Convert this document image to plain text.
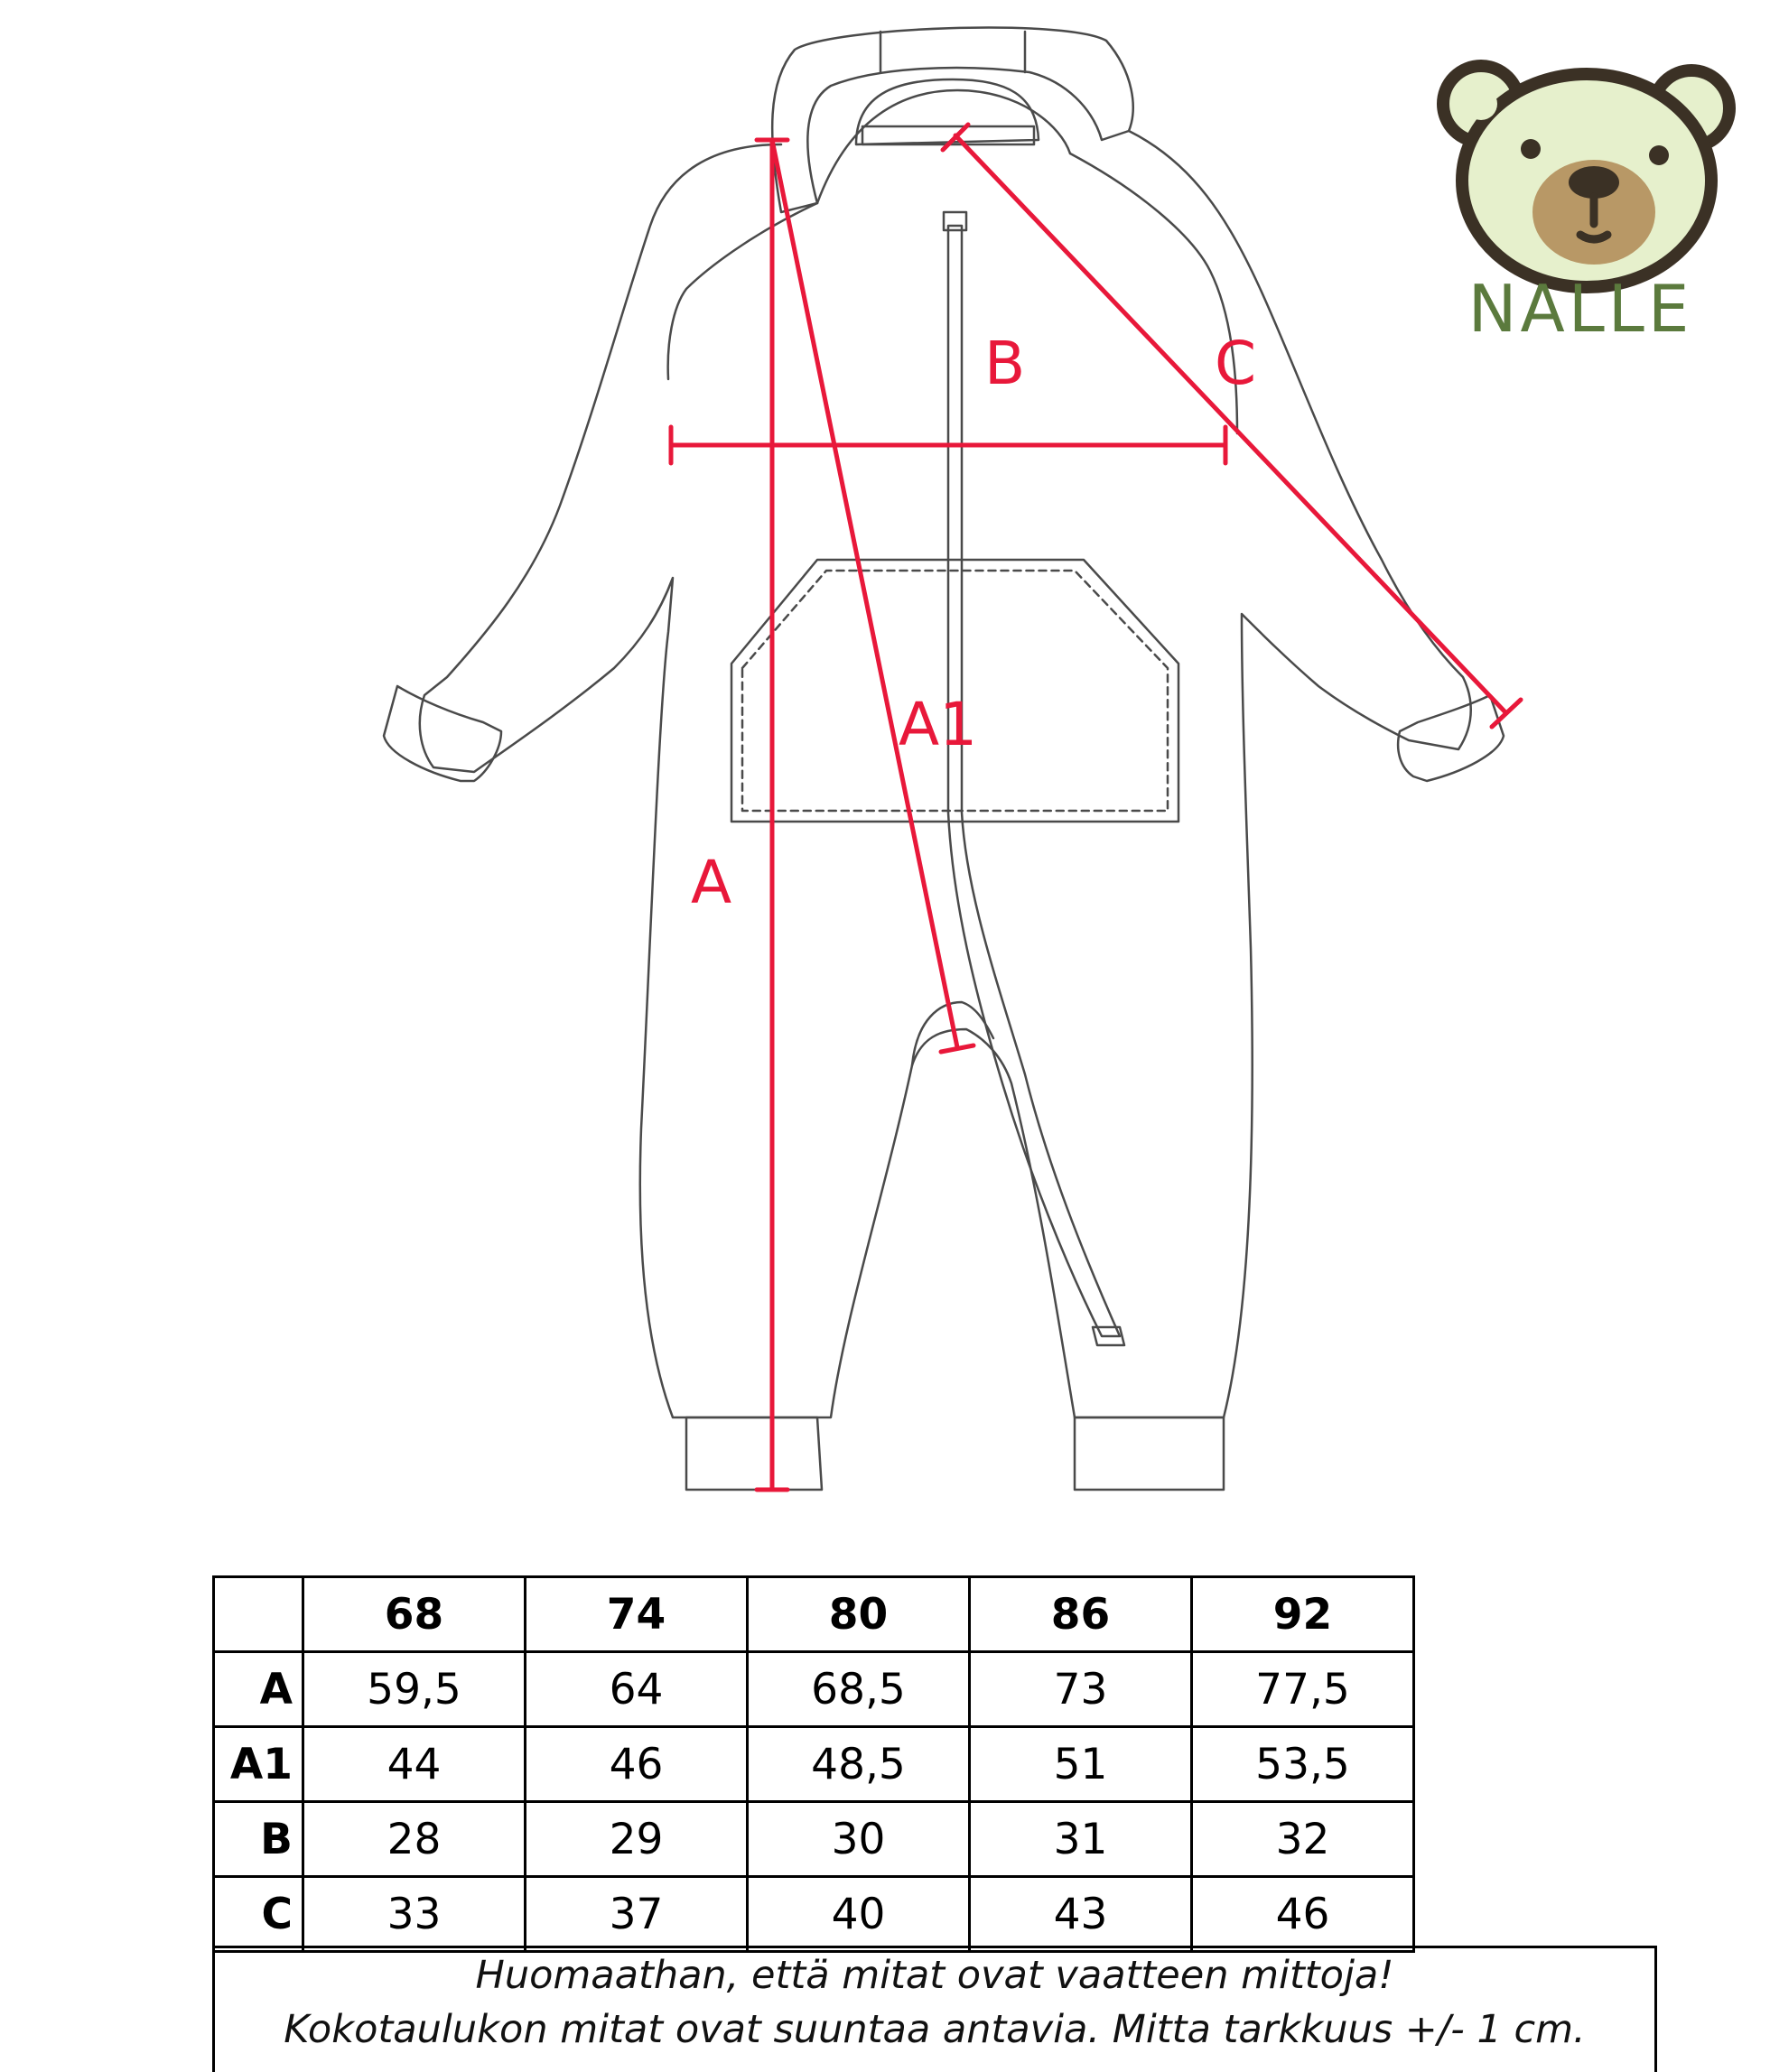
A
A1
B	C
NALLE
	68	74	80	86	92
A	59,5	64	68,5	73	77,5
A1	44	46	48,5	51	53,5
B	28	29	30	31	32
C	33	37	40	43	46
Huomaathan, että mitat ovat vaatteen mittoja!
Kokotaulukon mitat ovat suuntaa antavia. Mitta tarkkuus +/- 1 cm.
